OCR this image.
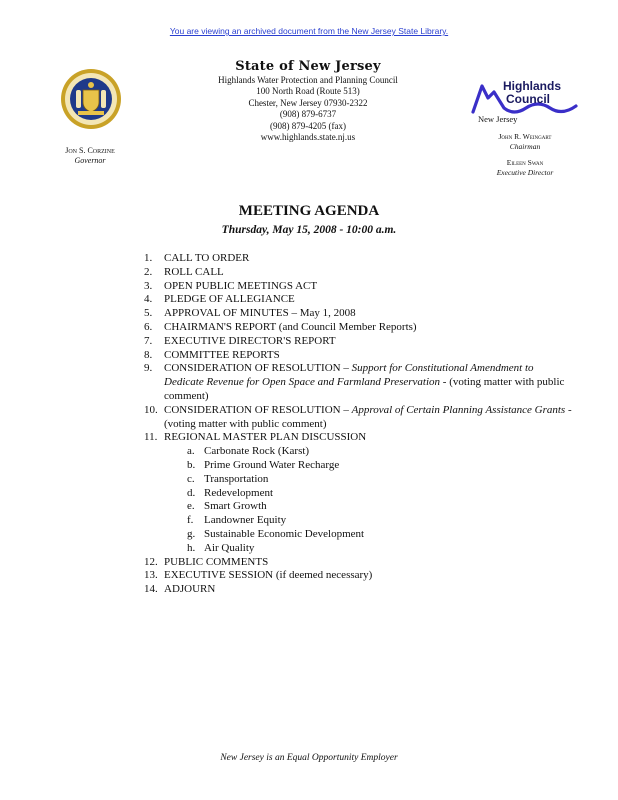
You are viewing an archived document from the New Jersey State Library.
Jon S. Corzine
Governor
State of New Jersey
Highlands Water Protection and Planning Council
100 North Road (Route 513)
Chester, New Jersey 07930-2322
(908) 879-6737
(908) 879-4205 (fax)
www.highlands.state.nj.us
Highlands
Council
New Jersey
John R. Weingart
Chairman
Eileen Swan
Executive Director
MEETING AGENDA
Thursday, May 15, 2008 - 10:00 a.m.
1. CALL TO ORDER
2. ROLL CALL
3. OPEN PUBLIC MEETINGS ACT
4. PLEDGE OF ALLEGIANCE
5. APPROVAL OF MINUTES – May 1, 2008
6. CHAIRMAN'S REPORT (and Council Member Reports)
7. EXECUTIVE DIRECTOR'S REPORT
8. COMMITTEE REPORTS
9. CONSIDERATION OF RESOLUTION – Support for Constitutional Amendment to Dedicate Revenue for Open Space and Farmland Preservation - (voting matter with public comment)
10. CONSIDERATION OF RESOLUTION – Approval of Certain Planning Assistance Grants - (voting matter with public comment)
11. REGIONAL MASTER PLAN DISCUSSION
a. Carbonate Rock (Karst)
b. Prime Ground Water Recharge
c. Transportation
d. Redevelopment
e. Smart Growth
f. Landowner Equity
g. Sustainable Economic Development
h. Air Quality
12. PUBLIC COMMENTS
13. EXECUTIVE SESSION (if deemed necessary)
14. ADJOURN
New Jersey is an Equal Opportunity Employer
